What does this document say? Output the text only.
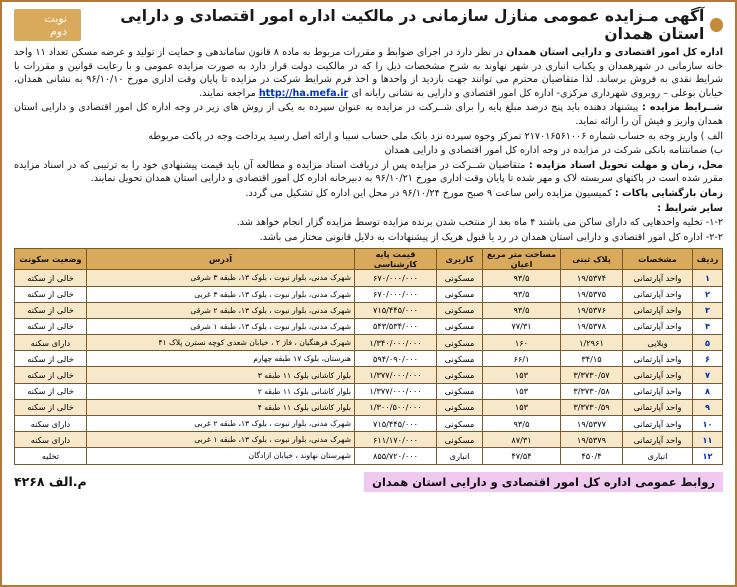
آگهی مـزایده عمومی منازل سازمانی در مالکیت اداره امور اقتصادی و دارایی استان همدان
نوبت دوم

اداره کل امور اقتصادی و دارایی استان همدان در نظر دارد در اجرای ضوابط و مقررات مربوط به ماده ۸ قانون ساماندهی و حمایت از تولید و عرضه مسکن تعداد ۱۱ واحد خانه سازمانی در شهرهمدان و یکباب انباری در شهر نهاوند به شرح مشخصات ذیل را که در مالکیت دولت قرار دارد به صورت مزایده عمومی و با رعایت قوانین و مقررات با شرایط نقدی به فروش برساند. لذا متقاضیان محترم می توانند جهت بازدید از واحدها و اخذ فرم شرایط شرکت در مزایده تا پایان وقت اداری مورخ ۹۶/۱۰/۱۰ به نشانی همدان، خیابان بوعلی – روبروی شهرداری مرکزی- اداره کل امور اقتصادی و دارایی به نشانی رایانه ای http://ha.mefa.ir مراجعه نمایند.

شــرایط مزایده : پیشنهاد دهنده باید پنج درصد مبلغ پایه را برای شــرکت در مزایده به عنوان سپرده به یکی از روش های زیر در وجه اداره کل امور اقتصادی و دارایی استان همدان واریز و فیش آن را ارائه نماید.

الف ) واریز وجه به حساب شماره ۲۱۷۰۱۶۵۶۱۰۰۶ تمرکز وجوه سپرده نزد بانک ملی حساب سیبا و ارائه اصل رسید پرداخت وجه در پاکت مربوطه

ب) ضمانتنامه بانکی شرکت در مزایده در وجه اداره کل امور اقتصادی و دارایی همدان

محل، زمان و مهلت تحویل اسناد مزایده : متقاضیان شــرکت در مزایده پس از دریافت اسناد مزایده و مطالعه آن باید قیمت پیشنهادی خود را به ترتیبی که در اسناد مزایده مقرر شده است در پاکتهای سربسته لاک و مهر شده تا پایان وقت اداری مورخ ۹۶/۱۰/۲۱ به دبیرخانه اداره کل امور اقتصادی و دارایی استان همدان تحویل نمایند.

زمان بازگشایی پاکات : کمیسیون مزایده راس ساعت ۹ صبح مورخ ۹۶/۱۰/۲۴ در محل این اداره کل تشکیل می گردد.

سایر شرایط :

۱-۲- تخلیه واحدهایی که دارای ساکن می باشند ۴ ماه بعد از منتخب شدن برنده مزایده توسط مزایده گزار انجام خواهد شد.

۲-۲- اداره کل امور اقتصادی و دارایی استان همدان در رد یا قبول هریک از پیشنهادات به دلایل قانونی مختار می باشد.

ردیف	مشخصات	پلاک ثبتی	مساحت متر مربع اعیان	کاربری	قیمت پایه کارشناسی	آدرس	وضعیت سکونت
۱	واحد آپارتمانی	۱۹/۵۳۷۴	۹۳/۵	مسکونی	۶۷۰/۰۰۰/۰۰۰	شهرک مدنی، بلوار نبوت ، بلوک ۱۳، طبقه ۳ شرقی	خالی از سکنه
۲	واحد آپارتمانی	۱۹/۵۳۷۵	۹۳/۵	مسکونی	۶۷۰/۰۰۰/۰۰۰	شهرک مدنی، بلوار نبوت ، بلوک ۱۳، طبقه ۳ غربی	خالی از سکنه
۳	واحد آپارتمانی	۱۹/۵۳۷۶	۹۳/۵	مسکونی	۷۱۵/۴۴۵/۰۰۰	شهرک مدنی، بلوار نبوت ، بلوک ۱۳، طبقه ۲ شرقی	خالی از سکنه
۴	واحد آپارتمانی	۱۹/۵۳۷۸	۷۷/۳۱	مسکونی	۵۴۳/۵۳۴/۰۰۰	شهرک مدنی، بلوار نبوت ، بلوک ۱۳، طبقه ۱ شرقی	خالی از سکنه
۵	ویلایی	۱/۲۹۶۱	۱۶۰	مسکونی	۱/۳۴۰/۰۰۰/۰۰۰	شهرک فرهنگیان ، فاز ۲ ، خیابان شعدی کوچه نسترن پلاک ۴۱	دارای سکنه
۶	واحد آپارتمانی	۳۴/۱۵	۶۶/۱	مسکونی	۵۹۴/۰۹۰/۰۰۰	هنرستان، بلوک ۱۷ طبقه چهارم	خالی از سکنه
۷	واحد آپارتمانی	۳/۳۷۳۰/۵۷	۱۵۳	مسکونی	۱/۳۷۷/۰۰۰/۰۰۰	بلوار کاشانی بلوک ۱۱ طبقه ۳	خالی از سکنه
۸	واحد آپارتمانی	۳/۳۷۳۰/۵۸	۱۵۳	مسکونی	۱/۳۷۷/۰۰۰/۰۰۰	بلوار کاشانی بلوک ۱۱ طبقه ۲	خالی از سکنه
۹	واحد آپارتمانی	۳/۳۷۳۰/۵۹	۱۵۳	مسکونی	۱/۳۰۰/۵۰۰/۰۰۰	بلوار کاشانی بلوک ۱۱ طبقه ۴	خالی از سکنه
۱۰	واحد آپارتمانی	۱۹/۵۳۷۷	۹۳/۵	مسکونی	۷۱۵/۴۴۵/۰۰۰	شهرک مدنی، بلوار نبوت ، بلوک ۱۳، طبقه ۲ غربی	دارای سکنه
۱۱	واحد آپارتمانی	۱۹/۵۳۷۹	۸۷/۳۱	مسکونی	۶۱۱/۱۷۰/۰۰۰	شهرک مدنی، بلوار نبوت ، بلوک ۱۳، طبقه ۱ غربی	دارای سکنه
۱۲	انباری	۴۵۰/۴	۴۷/۵۴	انباری	۸۵۵/۷۲۰/۰۰۰	شهرستان نهاوند ، خیابان ازادگان	تخلیه
روابط عمومی اداره کل امور اقتصادی و دارایی استان همدان
۴۲۶۸ م.الف
